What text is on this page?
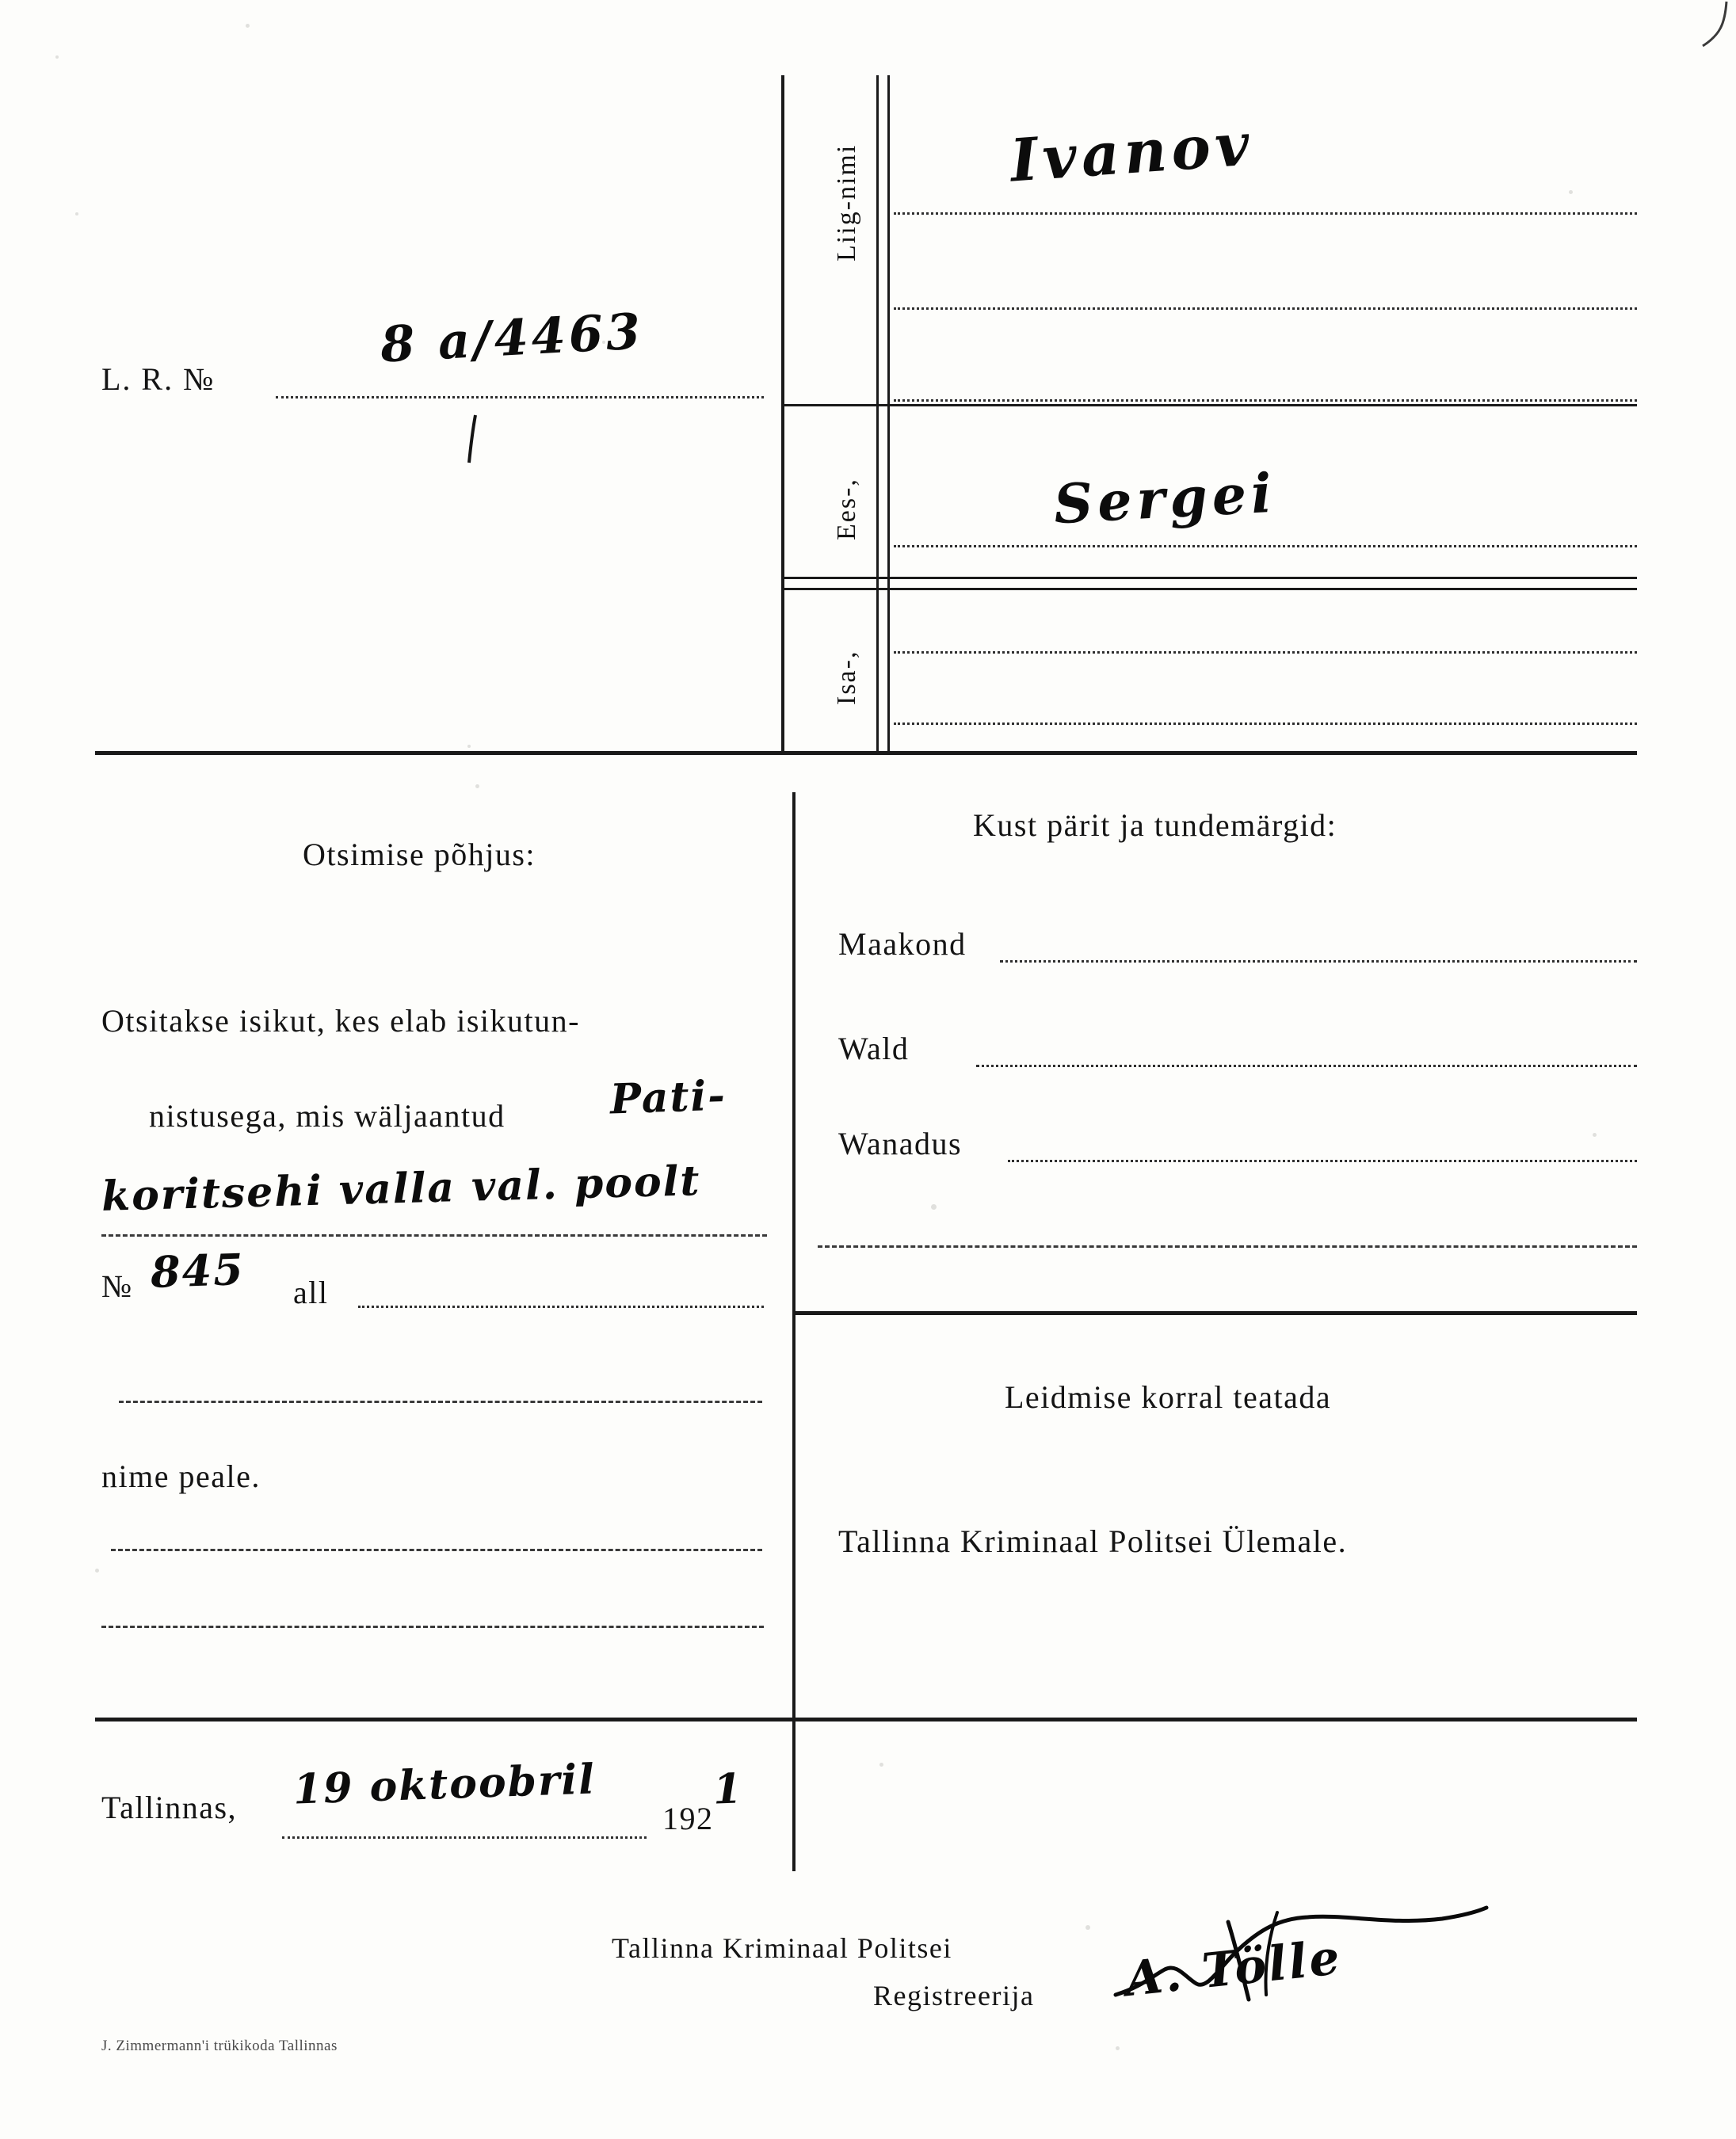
L. R. №
8 a/4463
Liig-nimi
Ees-,
Isa-,
Ivanov
Sergei
Otsimise põhjus:
Otsitakse isikut, kes elab isikutun-
nistusega, mis wäljaantud	Pati-
koritsehi valla val. poolt
№ 845 all
nime peale.
Kust pärit ja tundemärgid:
Maakond
Wald
Wanadus
Leidmise korral teatada
Tallinna Kriminaal Politsei Ülemale.
Tallinnas, 19 oktoobril
192
1
Tallinna Kriminaal Politsei
Registreerija A. Tölle
J. Zimmermann'i trükikoda Tallinnas
